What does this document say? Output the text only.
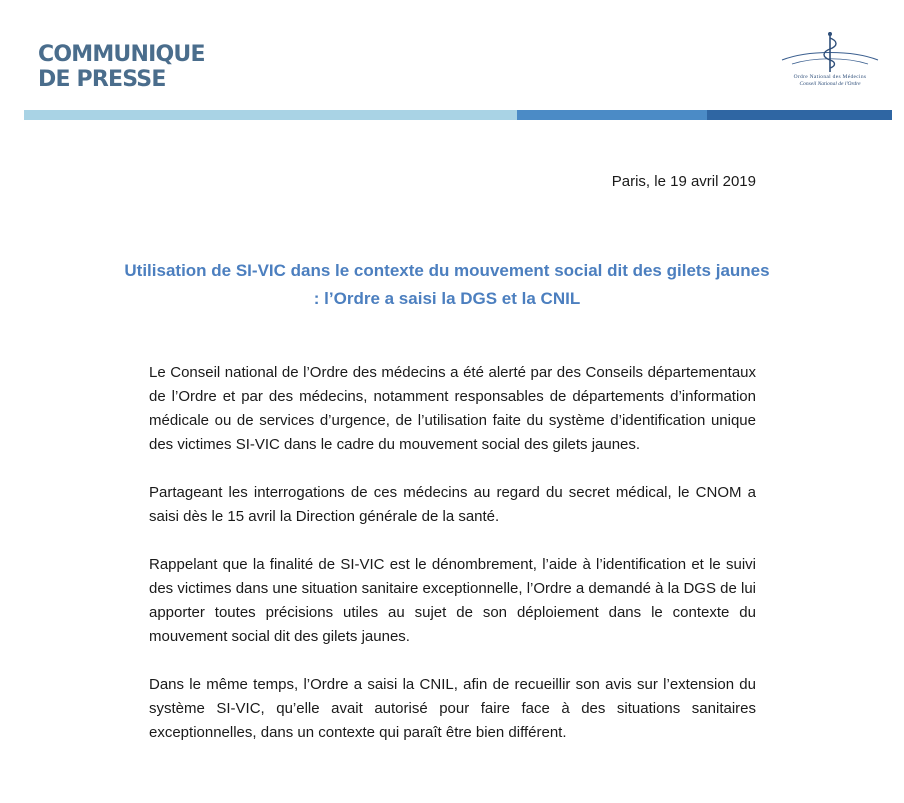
COMMUNIQUE
DE PRESSE	Ordre National des Médecins
Conseil National de l'Ordre
Paris, le 19 avril 2019
Utilisation de SI-VIC dans le contexte du mouvement social dit des gilets jaunes : l’Ordre a saisi la DGS et la CNIL

Le Conseil national de l’Ordre des médecins a été alerté par des Conseils départementaux de l’Ordre et par des médecins, notamment responsables de départements d’information médicale ou de services d’urgence, de l’utilisation faite du système d’identification unique des victimes SI-VIC dans le cadre du mouvement social des gilets jaunes.

Partageant les interrogations de ces médecins au regard du secret médical, le CNOM a saisi dès le 15 avril la Direction générale de la santé.

Rappelant que la finalité de SI-VIC est le dénombrement, l’aide à l’identification et le suivi des victimes dans une situation sanitaire exceptionnelle, l’Ordre a demandé à la DGS de lui apporter toutes précisions utiles au sujet de son déploiement dans le contexte du mouvement social dit des gilets jaunes.

Dans le même temps, l’Ordre a saisi la CNIL, afin de recueillir son avis sur l’extension du système SI-VIC, qu’elle avait autorisé pour faire face à des situations sanitaires exceptionnelles, dans un contexte qui paraît être bien différent.
